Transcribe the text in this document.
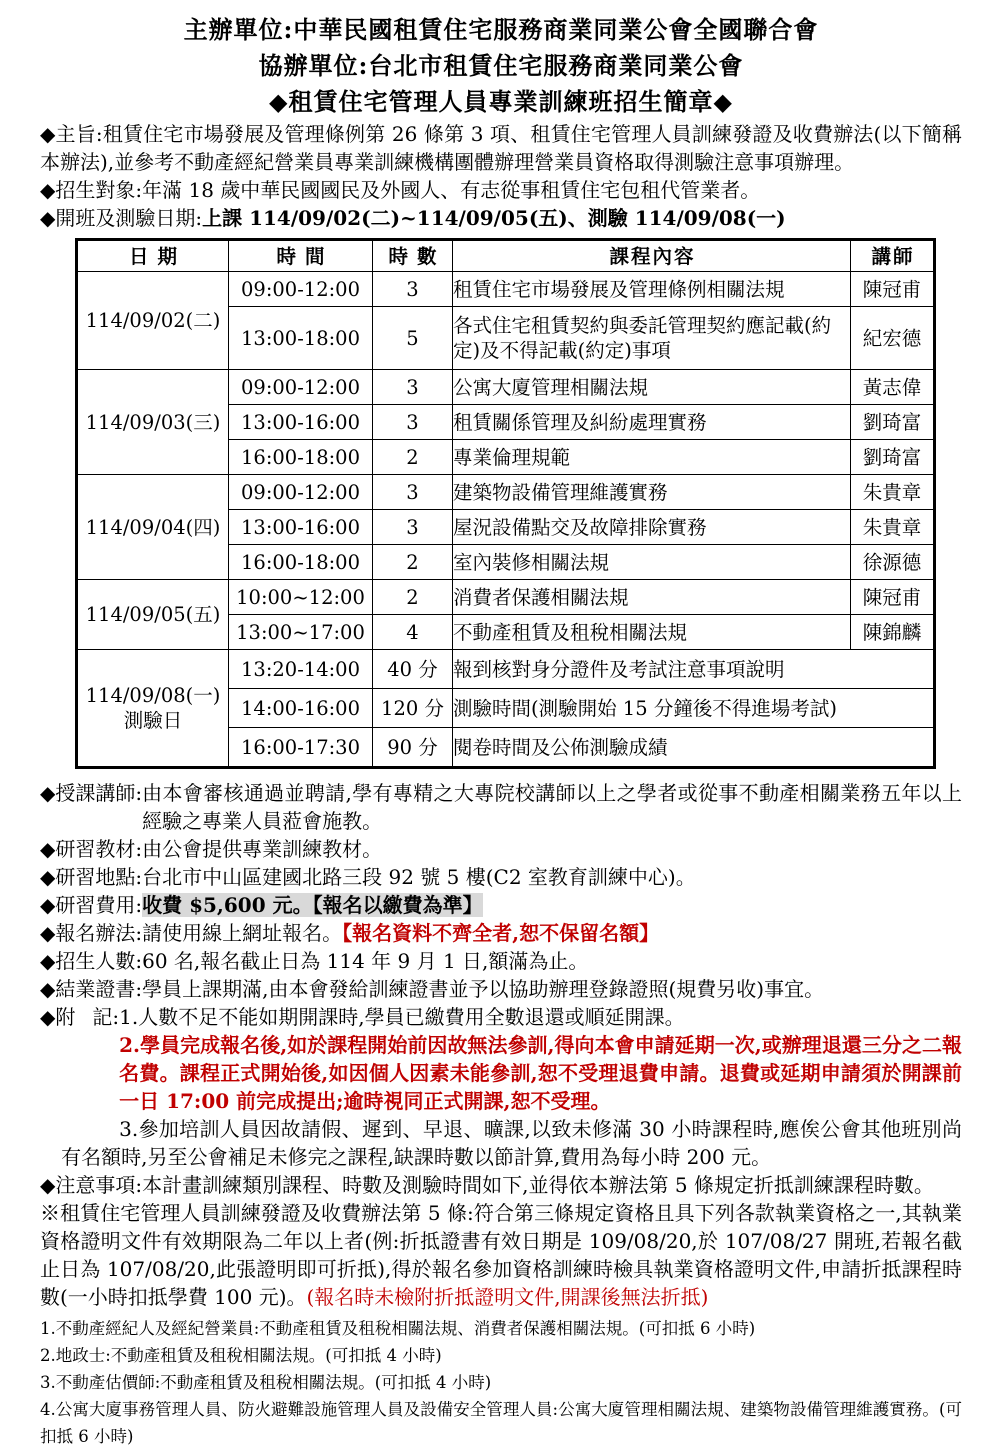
主辦單位:中華民國租賃住宅服務商業同業公會全國聯合會
協辦單位:台北市租賃住宅服務商業同業公會
◆租賃住宅管理人員專業訓練班招生簡章◆

◆主旨:租賃住宅市場發展及管理條例第 26 條第 3 項、租賃住宅管理人員訓練發證及收費辦法(以下簡稱本辦法),並參考不動產經紀營業員專業訓練機構團體辦理營業員資格取得測驗注意事項辦理。

◆招生對象:年滿 18 歲中華民國國民及外國人、有志從事租賃住宅包租代管業者。

◆開班及測驗日期:上課 114/09/02(二)~114/09/05(五)、測驗 114/09/08(一)

日期	時間	時數	課程內容	講師
114/09/02(二)	09:00-12:00	3	租賃住宅市場發展及管理條例相關法規	陳冠甫
	13:00-18:00	5	各式住宅租賃契約與委託管理契約應記載(約定)及不得記載(約定)事項	紀宏德
114/09/03(三)	09:00-12:00	3	公寓大廈管理相關法規	黃志偉
	13:00-16:00	3	租賃關係管理及糾紛處理實務	劉琦富
	16:00-18:00	2	專業倫理規範	劉琦富
114/09/04(四)	09:00-12:00	3	建築物設備管理維護實務	朱貴章
	13:00-16:00	3	屋況設備點交及故障排除實務	朱貴章
	16:00-18:00	2	室內裝修相關法規	徐源德
114/09/05(五)	10:00~12:00	2	消費者保護相關法規	陳冠甫
	13:00~17:00	4	不動產租賃及租稅相關法規	陳錦麟

114/09/08(一)
測驗日	13:20-14:00	40 分	報到核對身分證件及考試注意事項說明	
	14:00-16:00	120 分	測驗時間(測驗開始 15 分鐘後不得進場考試)	
	16:00-17:30	90 分	閱卷時間及公佈測驗成績	
◆授課講師: 由本會審核通過並聘請,學有專精之大專院校講師以上之學者或從事不動產相關業務五年以上經驗之專業人員蒞會施教。
◆研習教材: 由公會提供專業訓練教材。
◆研習地點: 台北市中山區建國北路三段 92 號 5 樓(C2 室教育訓練中心)。
◆研習費用: 收費 $5,600 元。【報名以繳費為準】
◆報名辦法: 請使用線上網址報名。【報名資料不齊全者,恕不保留名額】
◆招生人數: 60 名,報名截止日為 114 年 9 月 1 日,額滿為止。
◆結業證書: 學員上課期滿,由本會發給訓練證書並予以協助辦理登錄證照(規費另收)事宜。
◆附 記: 1.人數不足不能如期開課時,學員已繳費用全數退還或順延開課。

2.學員完成報名後,如於課程開始前因故無法參訓,得向本會申請延期一次,或辦理退還三分之二報名費。課程正式開始後,如因個人因素未能參訓,恕不受理退費申請。退費或延期申請須於開課前一日 17:00 前完成提出;逾時視同正式開課,恕不受理。

3.參加培訓人員因故請假、遲到、早退、曠課,以致未修滿 30 小時課程時,應俟公會其他班別尚有名額時,另至公會補足未修完之課程,缺課時數以節計算,費用為每小時 200 元。

◆注意事項:本計畫訓練類別課程、時數及測驗時間如下,並得依本辦法第 5 條規定折抵訓練課程時數。

※租賃住宅管理人員訓練發證及收費辦法第 5 條:符合第三條規定資格且具下列各款執業資格之一,其執業資格證明文件有效期限為二年以上者(例:折抵證書有效日期是 109/08/20,於 107/08/27 開班,若報名截止日為 107/08/20,此張證明即可折抵),得於報名參加資格訓練時檢具執業資格證明文件,申請折抵課程時數(一小時扣抵學費 100 元)。(報名時未檢附折抵證明文件,開課後無法折抵)

1.不動產經紀人及經紀營業員:不動產租賃及租稅相關法規、消費者保護相關法規。(可扣抵 6 小時)

2.地政士:不動產租賃及租稅相關法規。(可扣抵 4 小時)

3.不動產估價師:不動產租賃及租稅相關法規。(可扣抵 4 小時)

4.公寓大廈事務管理人員、防火避難設施管理人員及設備安全管理人員:公寓大廈管理相關法規、建築物設備管理維護實務。(可扣抵 6 小時)
